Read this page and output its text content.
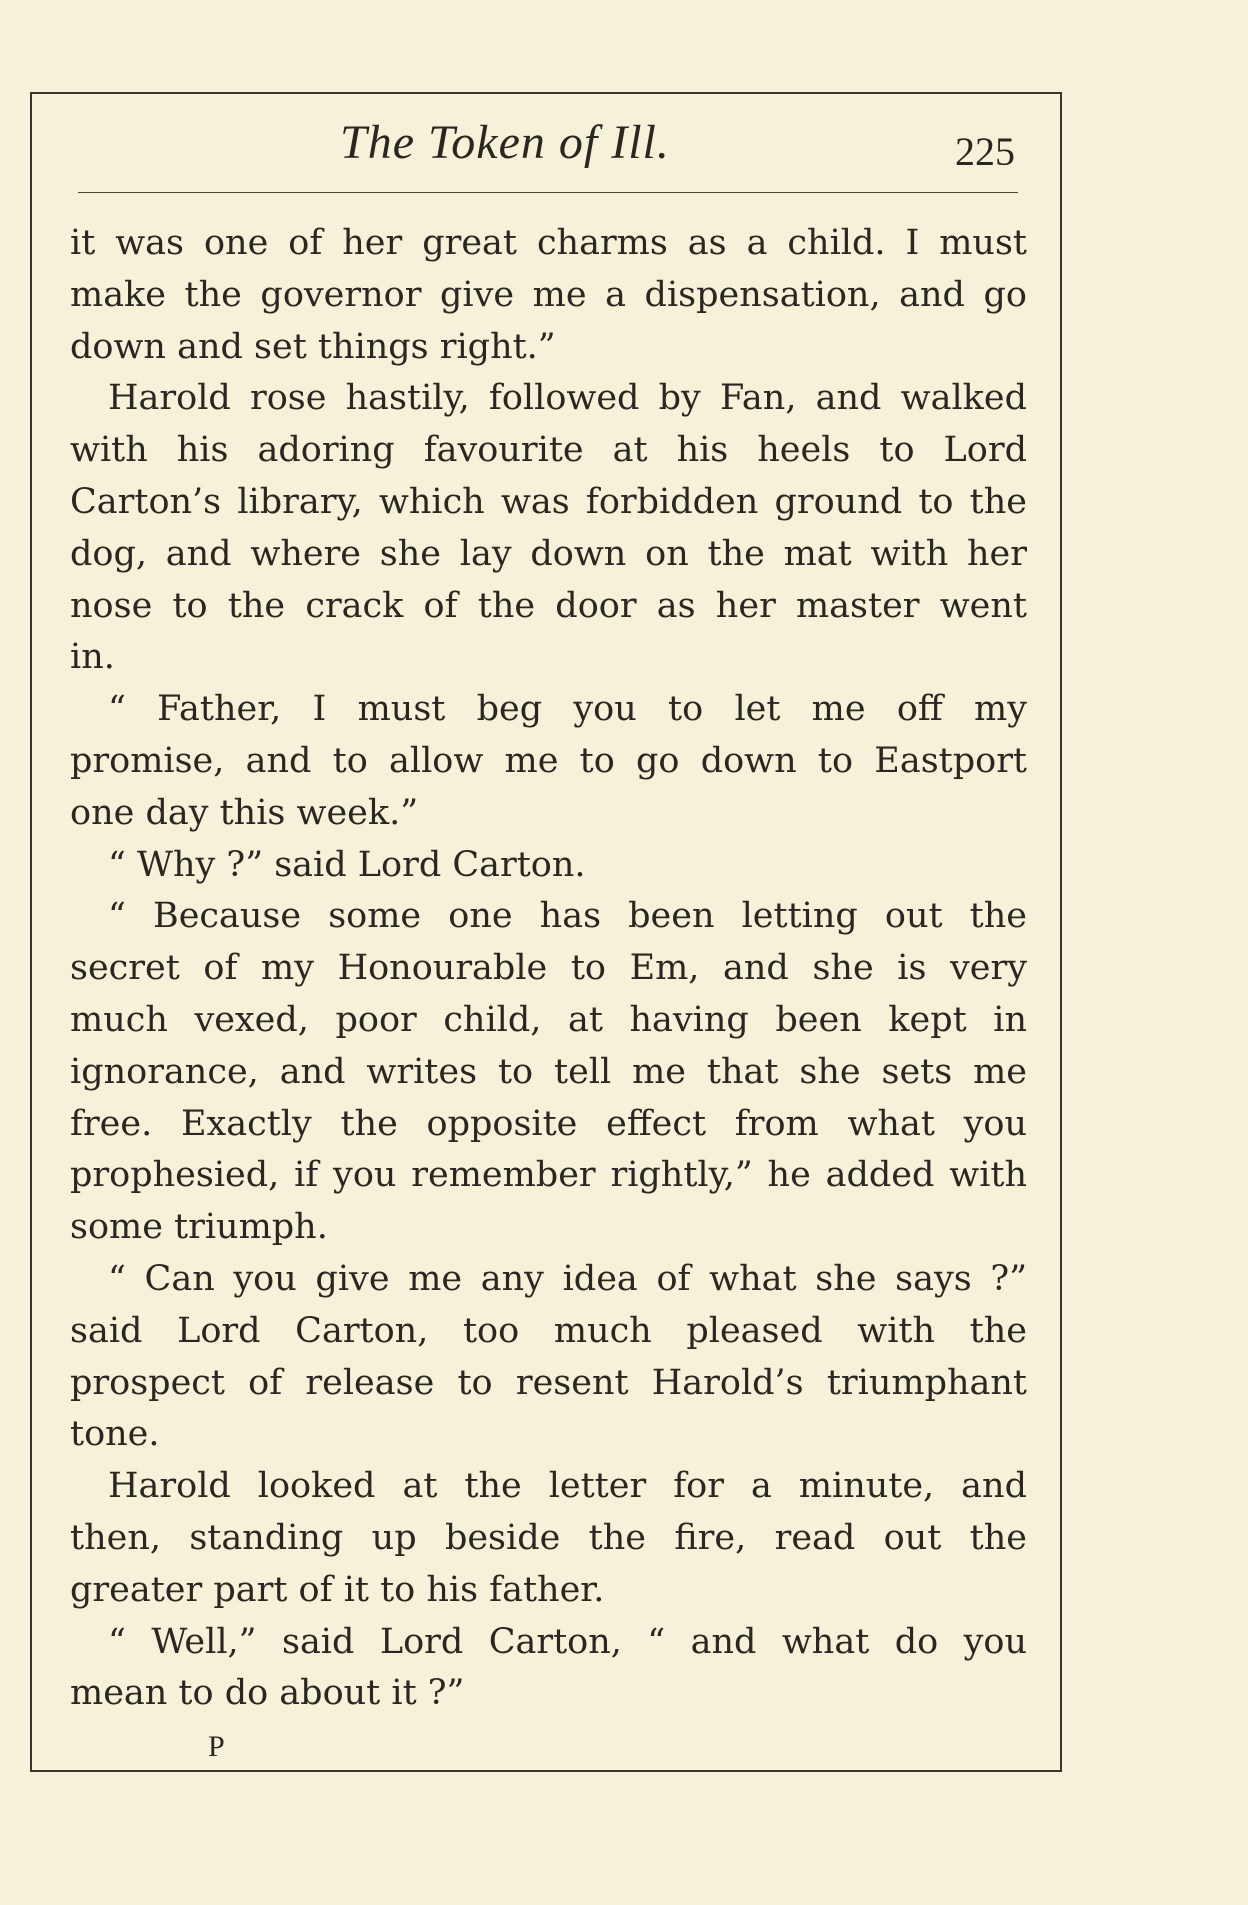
The Token of Ill.	225
it was one of her great charms as a child. I must
make the governor give me a dispensation, and go
down and set things right.”
Harold rose hastily, followed by Fan, and walked
with his adoring favourite at his heels to Lord
Carton’s library, which was forbidden ground to the
dog, and where she lay down on the mat with her
nose to the crack of the door as her master went
in.
“ Father, I must beg you to let me off my
promise, and to allow me to go down to Eastport
one day this week.”
“ Why ?” said Lord Carton.
“ Because some one has been letting out the
secret of my Honourable to Em, and she is very
much vexed, poor child, at having been kept in
ignorance, and writes to tell me that she sets me
free. Exactly the opposite effect from what you
prophesied, if you remember rightly,” he added with
some triumph.
“ Can you give me any idea of what she says ?”
said Lord Carton, too much pleased with the
prospect of release to resent Harold’s triumphant
tone.
Harold looked at the letter for a minute, and
then, standing up beside the fire, read out the
greater part of it to his father.
“ Well,” said Lord Carton, “ and what do you
mean to do about it ?”
P
